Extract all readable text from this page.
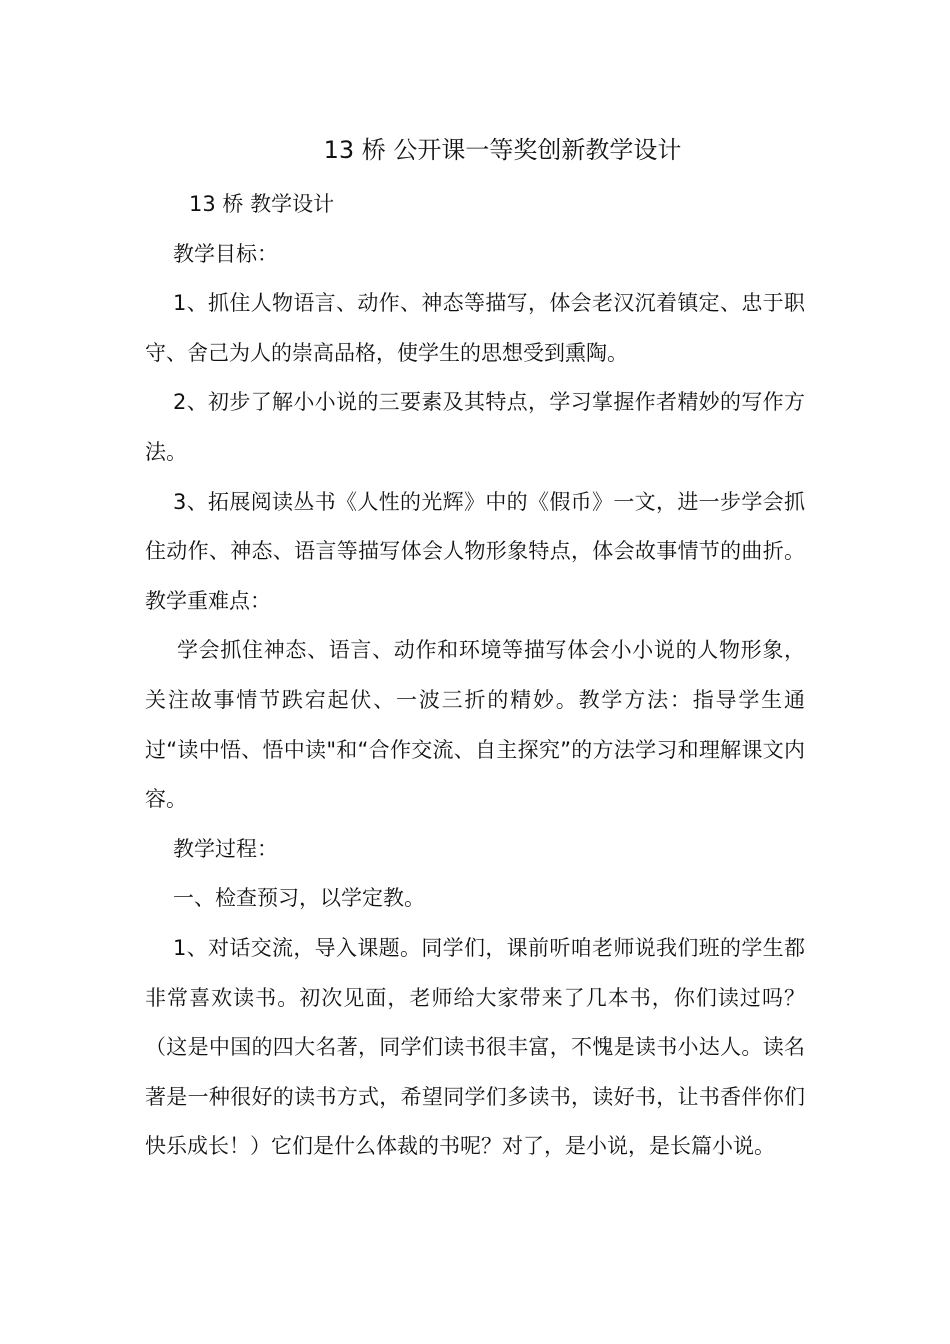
13 桥 公开课一等奖创新教学设计

13 桥 教学设计

教学目标：

1、抓住人物语言、动作、神态等描写，体会老汉沉着镇定、忠于职守、舍己为人的崇高品格，使学生的思想受到熏陶。

2、初步了解小小说的三要素及其特点，学习掌握作者精妙的写作方法。

3、拓展阅读丛书《人性的光辉》中的《假币》一文，进一步学会抓住动作、神态、语言等描写体会人物形象特点，体会故事情节的曲折。教学重难点：

学会抓住神态、语言、动作和环境等描写体会小小说的人物形象，关注故事情节跌宕起伏、一波三折的精妙。教学方法：指导学生通过“读中悟、悟中读"和“合作交流、自主探究”的方法学习和理解课文内容。

教学过程：

一、检查预习，以学定教。

1、对话交流，导入课题。同学们，课前听咱老师说我们班的学生都非常喜欢读书。初次见面，老师给大家带来了几本书，你们读过吗？（这是中国的四大名著，同学们读书很丰富，不愧是读书小达人。读名著是一种很好的读书方式，希望同学们多读书，读好书，让书香伴你们快乐成长！）它们是什么体裁的书呢？对了，是小说，是长篇小说。
